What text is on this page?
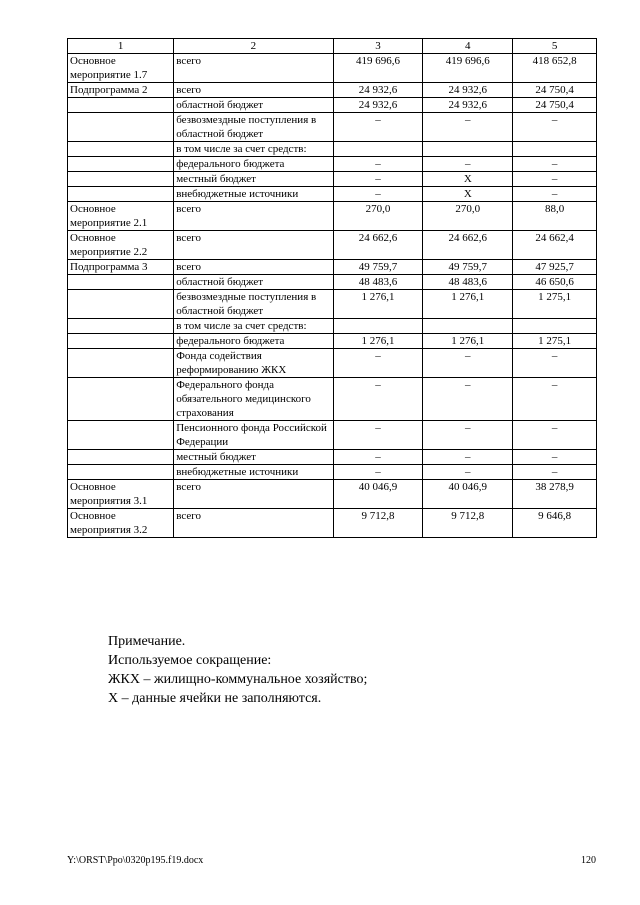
1	2	3	4	5
Основное мероприятие 1.7	всего	419 696,6	419 696,6	418 652,8
Подпрограмма 2	всего	24 932,6	24 932,6	24 750,4
	областной бюджет	24 932,6	24 932,6	24 750,4
	безвозмездные поступления в областной бюджет	–	–	–
	в том числе за счет средств:			
	федерального бюджета	–	–	–
	местный бюджет	–	Х	–
	внебюджетные источники	–	Х	–
Основное мероприятие 2.1	всего	270,0	270,0	88,0
Основное мероприятие 2.2	всего	24 662,6	24 662,6	24 662,4
Подпрограмма 3	всего	49 759,7	49 759,7	47 925,7
	областной бюджет	48 483,6	48 483,6	46 650,6
	безвозмездные поступления в областной бюджет	1 276,1	1 276,1	1 275,1
	в том числе за счет средств:			
	федерального бюджета	1 276,1	1 276,1	1 275,1
	Фонда содействия реформированию ЖКХ	–	–	–
	Федерального фонда обязательного медицинского страхования	–	–	–
	Пенсионного фонда Российской Федерации	–	–	–
	местный бюджет	–	–	–
	внебюджетные источники	–	–	–
Основное мероприятия 3.1	всего	40 046,9	40 046,9	38 278,9
Основное мероприятия 3.2	всего	9 712,8	9 712,8	9 646,8
Примечание.
Используемое сокращение:
ЖКХ – жилищно-коммунальное хозяйство;
Х – данные ячейки не заполняются.
Y:\ORST\Ppo\0320p195.f19.docx	120
